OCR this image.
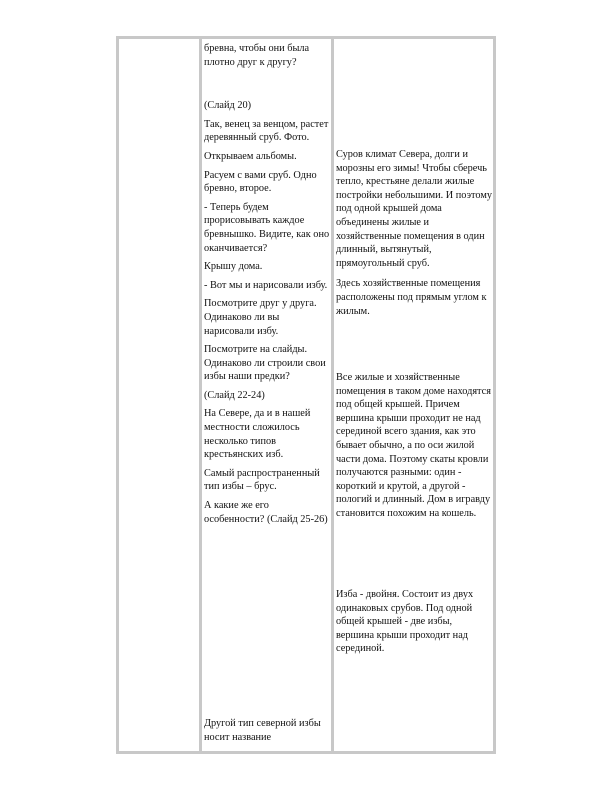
бревна, чтобы они была плотно друг к другу?

(Слайд 20)

Так, венец за венцом, растет деревянный сруб. Фото.

Открываем альбомы.

Расуем с вами сруб. Одно бревно, второе.

- Теперь будем прорисовывать каждое бревнышко. Видите, как оно оканчивается?

Крышу дома.

- Вот мы и нарисовали избу.

Посмотрите друг у друга. Одинаково ли вы нарисовали избу.

Посмотрите на слайды. Одинаково ли строили свои избы наши предки?

(Слайд 22-24)

На Севере, да и в нашей местности сложилось несколько типов крестьянских изб.

Самый распространенный тип избы – брус.

А какие же его особенности? (Слайд 25-26)

Другой тип северной избы носит название

Суров климат Севера, долги и морозны его зимы! Чтобы сберечь тепло, крестьяне делали жилые постройки небольшими. И поэтому под одной крышей дома объединены жилые и хозяйственные помещения в один длинный, вытянутый, прямоугольный сруб.

Здесь хозяйственные помещения расположены под прямым углом к жилым.

Все жилые и хозяйственные помещения в таком доме находятся под общей крышей. Причем вершина крыши проходит не над серединой всего здания, как это бывает обычно, а по оси жилой части дома. Поэтому скаты кровли получаются разными: один - короткий и крутой, а другой - пологий и длинный. Дом в игравду становится похожим на кошель.

Изба - двойня. Состоит из двух одинаковых срубов. Под одной общей крышей - две избы, вершина крыши проходит над серединой.
